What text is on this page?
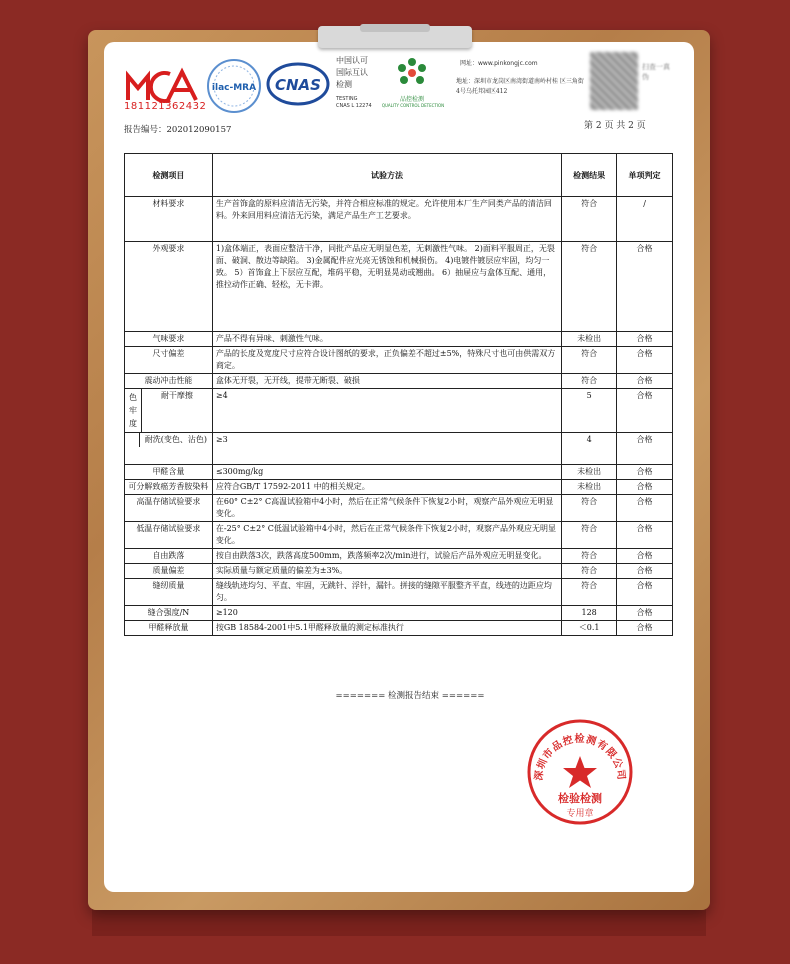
181121362432
ilac-MRA CNAS
中国认可
国际互认
检测
TESTING
CNAS L 12274
品控检测
QUALITY CONTROL DETECTION
网址：www.pinkongjc.com
地址：深圳市龙岗区南湾街道南岭村桂 区三角街4号乌托邦园区412
扫查一真伪
第 2 页 共 2 页
报告编号：202012090157
检测项目	试验方法	检测结果	单项判定
材料要求	生产首饰盒的原料应清洁无污染，并符合相应标准的规定。允许使用本厂生产同类产品的清洁回料。外来回用料应清洁无污染，满足产品生产工艺要求。	符合	/
外观要求	1)盒体端正，表面应整洁干净，同批产品应无明显色差，无刺激性气味。 2)面料平服周正，无裂面、破洞、散边等缺陷。 3)金属配件应光亮无锈蚀和机械损伤。 4)电镀件镀层应牢固，均匀一致。 5）首饰盒上下层应互配，堆码平稳，无明显晃动或翘曲。 6）抽屉应与盒体互配、通用，推拉动作正确、轻松，无卡滞。	符合	合格
气味要求	产品不得有异味、刺激性气味。	未检出	合格
尺寸偏差	产品的长度及宽度尺寸应符合设计图纸的要求，正负偏差不超过±5%，特殊尺寸也可由供需双方商定。	符合	合格
震动冲击性能	盒体无开裂，无开线，提带无断裂、破损	符合	合格

色牢度
耐干摩擦	≥4	5	合格

耐洗(变色、沾色)	≥3	4	合格
甲醛含量	≤300mg/kg	未检出	合格
可分解致癌芳香胺染料	应符合GB/T 17592-2011 中的相关规定。	未检出	合格
高温存储试验要求	在60° C±2° C高温试验箱中4小时，然后在正常气候条件下恢复2小时，观察产品外观应无明显变化。	符合	合格
低温存储试验要求	在-25° C±2° C低温试验箱中4小时，然后在正常气候条件下恢复2小时，观察产品外观应无明显变化。	符合	合格
自由跌落	按自由跌落3次，跌落高度500mm，跌落频率2次/min进行，试验后产品外观应无明显变化。	符合	合格
质量偏差	实际质量与额定质量的偏差为±3%。	符合	合格
缝纫质量	缝线轨迹均匀、平直、牢固，无跳针、浮针，漏针。拼接的缝隙平服整齐平直，线迹的边距应均匀。	符合	合格
缝合强度/N	≥120	128	合格
甲醛释放量	按GB 18584-2001中5.1甲醛释放量的测定标准执行	＜0.1	合格
======= 检测报告结束 ======
深圳市品控检测有限公司
检验检测
专用章
